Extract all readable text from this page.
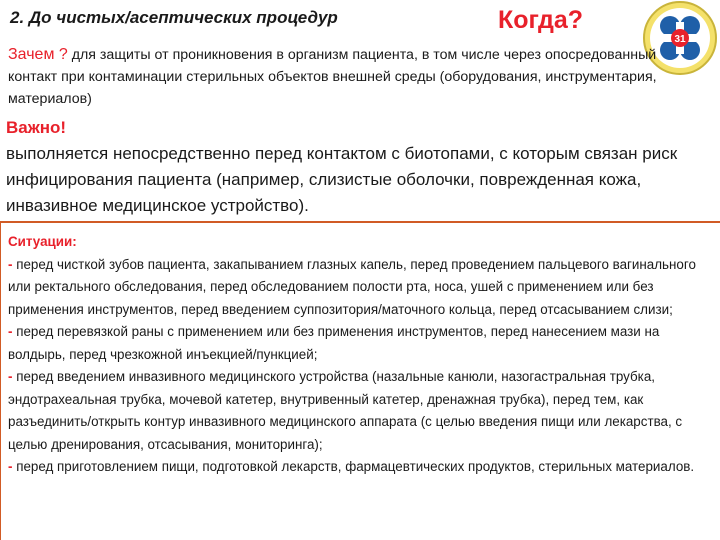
2. До чистых/асептических процедур	Когда?
31
Зачем ? для защиты от проникновения в организм пациента, в том числе через опосредованный контакт при контаминации стерильных объектов внешней среды (оборудования, инструментария, материалов)
Важно!
выполняется непосредственно перед контактом с биотопами, с которым связан риск инфицирования пациента (например, слизистые оболочки, поврежденная кожа, инвазивное медицинское устройство).
Ситуации:

- перед чисткой зубов пациента, закапыванием глазных капель, перед проведением пальцевого вагинального или ректального обследования, перед обследованием полости рта, носа, ушей с применением или без применения инструментов, перед введением суппозитория/маточного кольца, перед отсасыванием слизи;

- перед перевязкой раны с применением или без применения инструментов, перед нанесением мази на волдырь, перед чрезкожной инъекцией/пункцией;

- перед введением инвазивного медицинского устройства (назальные канюли, назогастральная трубка, эндотрахеальная трубка, мочевой катетер, внутривенный катетер, дренажная трубка), перед тем, как разъединить/открыть контур инвазивного медицинского аппарата (с целью введения пищи или лекарства, с целью дренирования, отсасывания, мониторинга);

- перед приготовлением пищи, подготовкой лекарств, фармацевтических продуктов, стерильных материалов.
